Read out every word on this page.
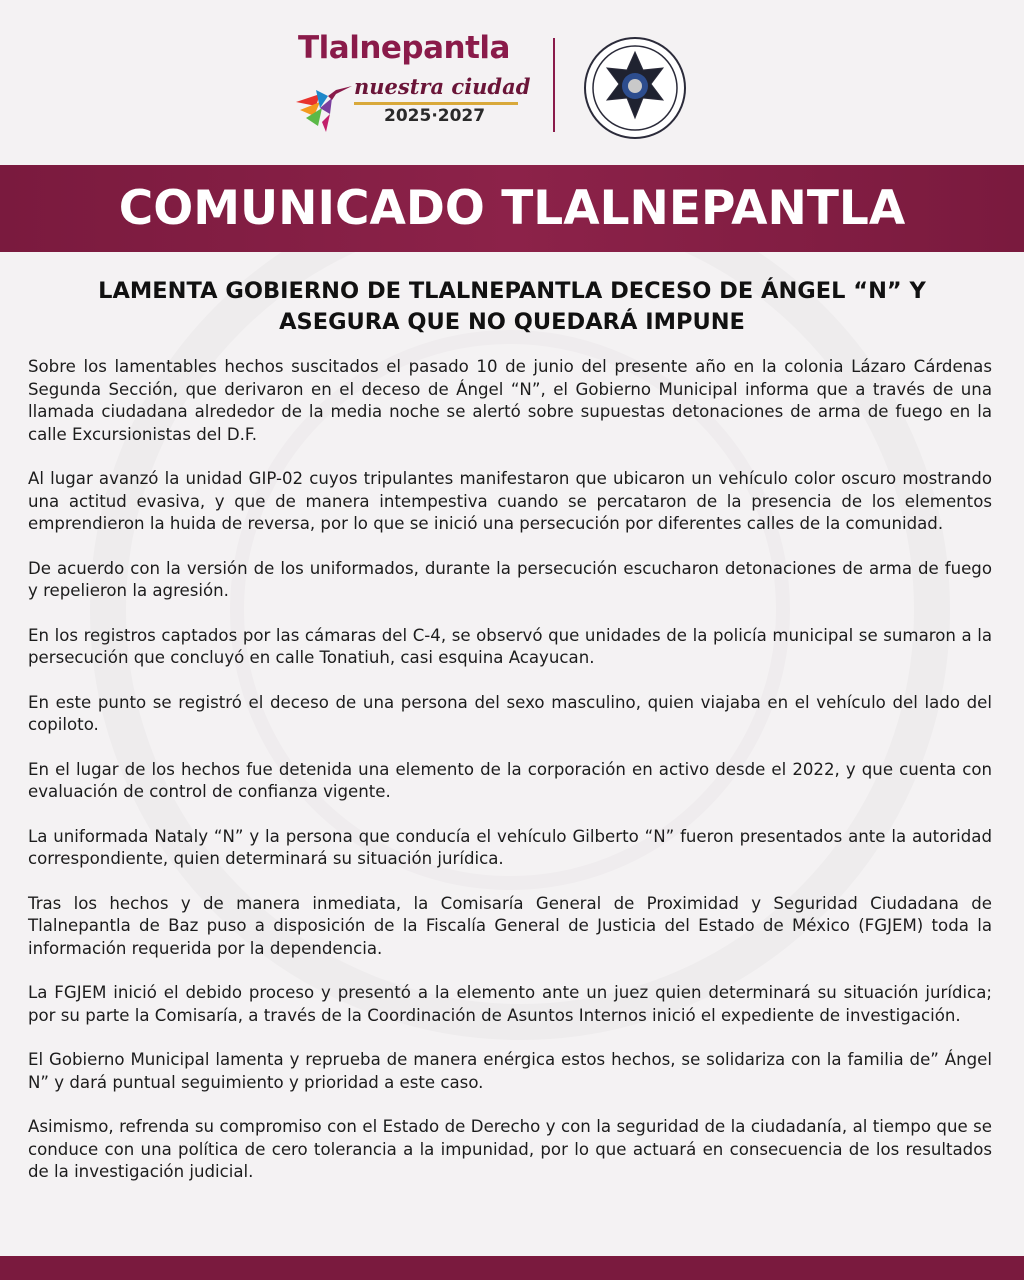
Tlalnepantla
nuestra ciudad
2025·2027
COMUNICADO TLALNEPANTLA
LAMENTA GOBIERNO DE TLALNEPANTLA DECESO DE ÁNGEL “N” Y
ASEGURA QUE NO QUEDARÁ IMPUNE

Sobre los lamentables hechos suscitados el pasado 10 de junio del presente año en la colonia Lázaro Cárdenas Segunda Sección, que derivaron en el deceso de Ángel “N”, el Gobierno Municipal informa que a través de una llamada ciudadana alrededor de la media noche se alertó sobre supuestas detonaciones de arma de fuego en la calle Excursionistas del D.F.

Al lugar avanzó la unidad GIP-02 cuyos tripulantes manifestaron que ubicaron un vehículo color oscuro mostrando una actitud evasiva, y que de manera intempestiva cuando se percataron de la presencia de los elementos emprendieron la huida de reversa, por lo que se inició una persecución por diferentes calles de la comunidad.

De acuerdo con la versión de los uniformados, durante la persecución escucharon detonaciones de arma de fuego y repelieron la agresión.

En los registros captados por las cámaras del C-4, se observó que unidades de la policía municipal se sumaron a la persecución que concluyó en calle Tonatiuh, casi esquina Acayucan.

En este punto se registró el deceso de una persona del sexo masculino, quien viajaba en el vehículo del lado del copiloto.

En el lugar de los hechos fue detenida una elemento de la corporación en activo desde el 2022, y que cuenta con evaluación de control de confianza vigente.

La uniformada Nataly “N” y la persona que conducía el vehículo Gilberto “N” fueron presentados ante la autoridad correspondiente, quien determinará su situación jurídica.

Tras los hechos y de manera inmediata, la Comisaría General de Proximidad y Seguridad Ciudadana de Tlalnepantla de Baz puso a disposición de la Fiscalía General de Justicia del Estado de México (FGJEM) toda la información requerida por la dependencia.

La FGJEM inició el debido proceso y presentó a la elemento ante un juez quien determinará su situación jurídica; por su parte la Comisaría, a través de la Coordinación de Asuntos Internos inició el expediente de investigación.

El Gobierno Municipal lamenta y reprueba de manera enérgica estos hechos, se solidariza con la familia de” Ángel N” y dará puntual seguimiento y prioridad a este caso.

Asimismo, refrenda su compromiso con el Estado de Derecho y con la seguridad de la ciudadanía, al tiempo que se conduce con una política de cero tolerancia a la impunidad, por lo que actuará en consecuencia de los resultados de la investigación judicial.
